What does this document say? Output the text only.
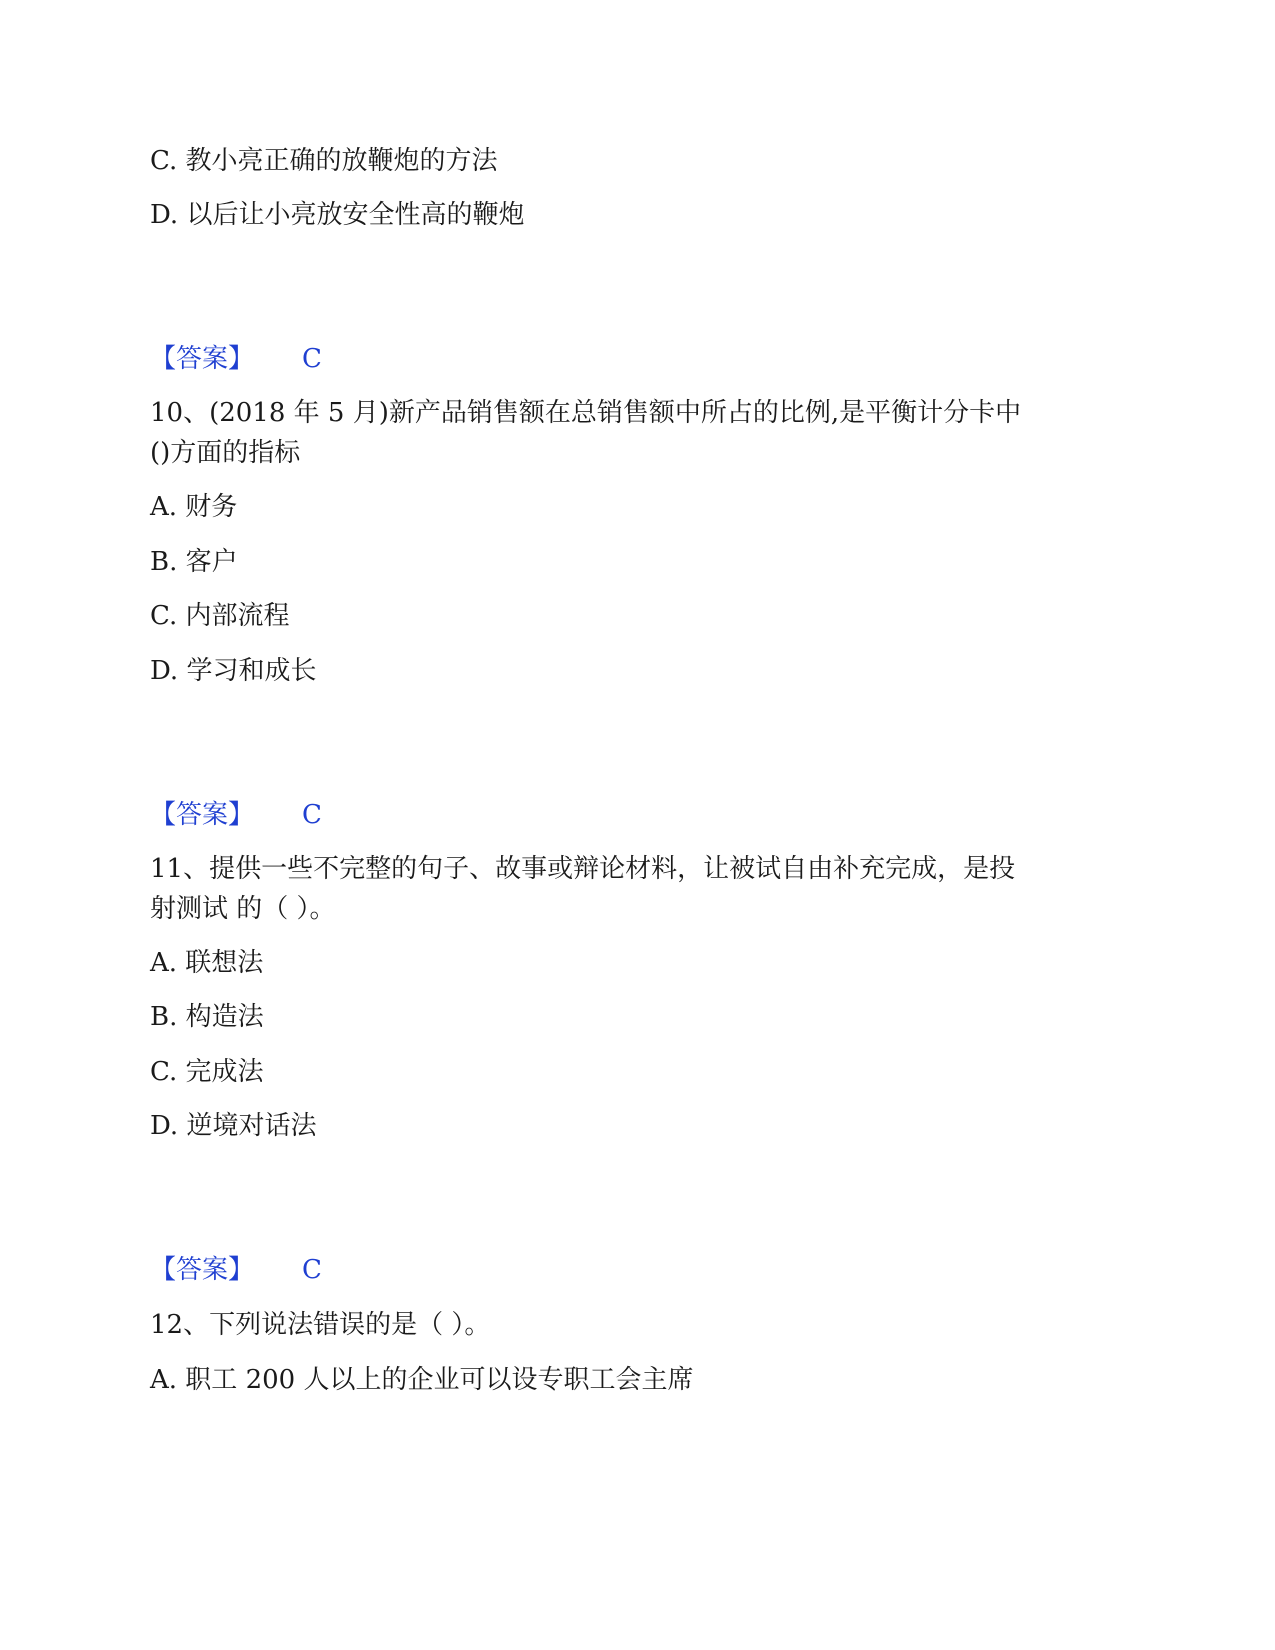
C. 教小亮正确的放鞭炮的方法
D. 以后让小亮放安全性高的鞭炮
【答案】 C
10、(2018 年 5 月)新产品销售额在总销售额中所占的比例,是平衡计分卡中
()方面的指标
A. 财务
B. 客户
C. 内部流程
D. 学习和成长
【答案】 C
11、提供一些不完整的句子、故事或辩论材料，让被试自由补充完成，是投
射测试 的（ ）。
A. 联想法
B. 构造法
C. 完成法
D. 逆境对话法
【答案】 C
12、下列说法错误的是（ ）。
A. 职工 200 人以上的企业可以设专职工会主席
